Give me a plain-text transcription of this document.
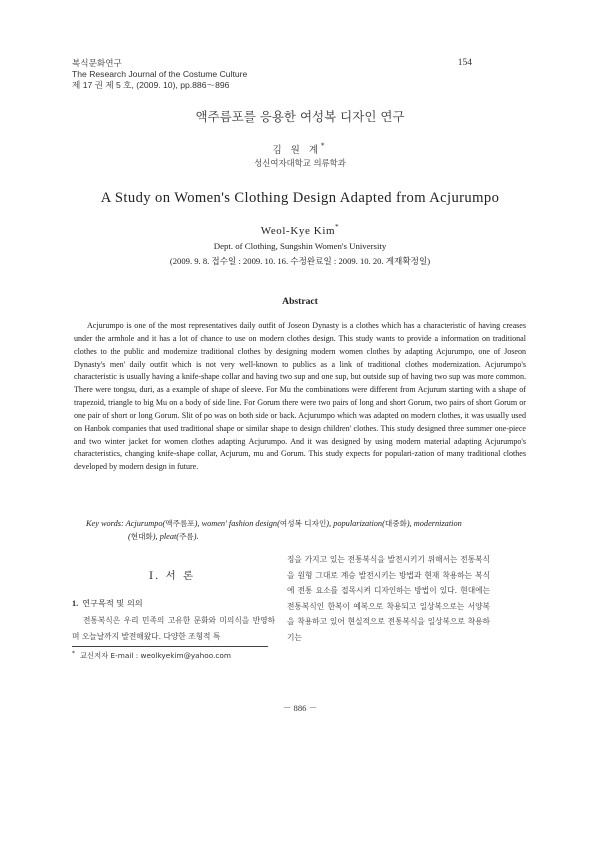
복식문화연구
The Research Journal of the Costume Culture
제 17 권 제 5 호, (2009. 10), pp.886～896
154
액주름포를 응용한 여성복 디자인 연구
김 원 계*
성신여자대학교 의류학과
A Study on Women's Clothing Design Adapted from Acjurumpo
Weol-Kye Kim*
Dept. of Clothing, Sungshin Women's University
(2009. 9. 8. 접수일 : 2009. 10. 16. 수정완료일 : 2009. 10. 20. 게재확정일)
Abstract

Acjurumpo is one of the most representatives daily outfit of Joseon Dynasty is a clothes which has a characteristic of having creases under the armhole and it has a lot of chance to use on modern clothes design. This study wants to provide a information on traditional clothes to the public and modernize traditional clothes by designing modern women clothes by adapting Acjurumpo, one of Joseon Dynasty's men' daily outfit which is not very well-known to publics as a link of traditional clothes modernization. Acjurumpo's characteristic is usually having a knife-shape collar and having two sup and one sup, but outside sup of having two sup was more common. There were tongsu, duri, as a example of shape of sleeve. For Mu the combinations were different from Acjurum starting with a shape of trapezoid, triangle to big Mu on a body of side line. For Gorum there were two pairs of long and short Gorum, two pairs of short Gorum or one pair of short or long Gorum. Slit of po was on both side or back. Acjurumpo which was adapted on modern clothes, it was usually used on Hanbok companies that used traditional shape or similar shape to design children' clothes. This study designed three summer one-piece and two winter jacket for women clothes adapting Acjurumpo. And it was designed by using modern material adapting Acjurumpo's characteristics, changing knife-shape collar, Acjurum, mu and Gorum. This study expects for populari-zation of many traditional clothes developed by modern design in future.

Key words: Acjurumpo(액주름포), women' fashion design(여성복 디자인), popularization(대중화), modernization
(현대화), pleat(주름).
Ⅰ. 서 론
1. 연구목적 및 의의

전통복식은 우리 민족의 고유한 문화와 미의식을 반영하며 오늘날까지 발전해왔다. 다양한 조형적 특

징을 가지고 있는 전통복식을 발전시키기 위해서는 전통복식을 원형 그대로 계승 발전시키는 방법과 현재 착용하는 복식에 전통 요소를 접목시켜 디자인하는 방법이 있다. 현대에는 전통복식인 한복이 예복으로 착용되고 일상복으로는 서양복을 착용하고 있어 현실적으로 전통복식을 일상복으로 착용하기는

* 교신저자 E-mail : weolkyekim@yahoo.com
－ 886 －
